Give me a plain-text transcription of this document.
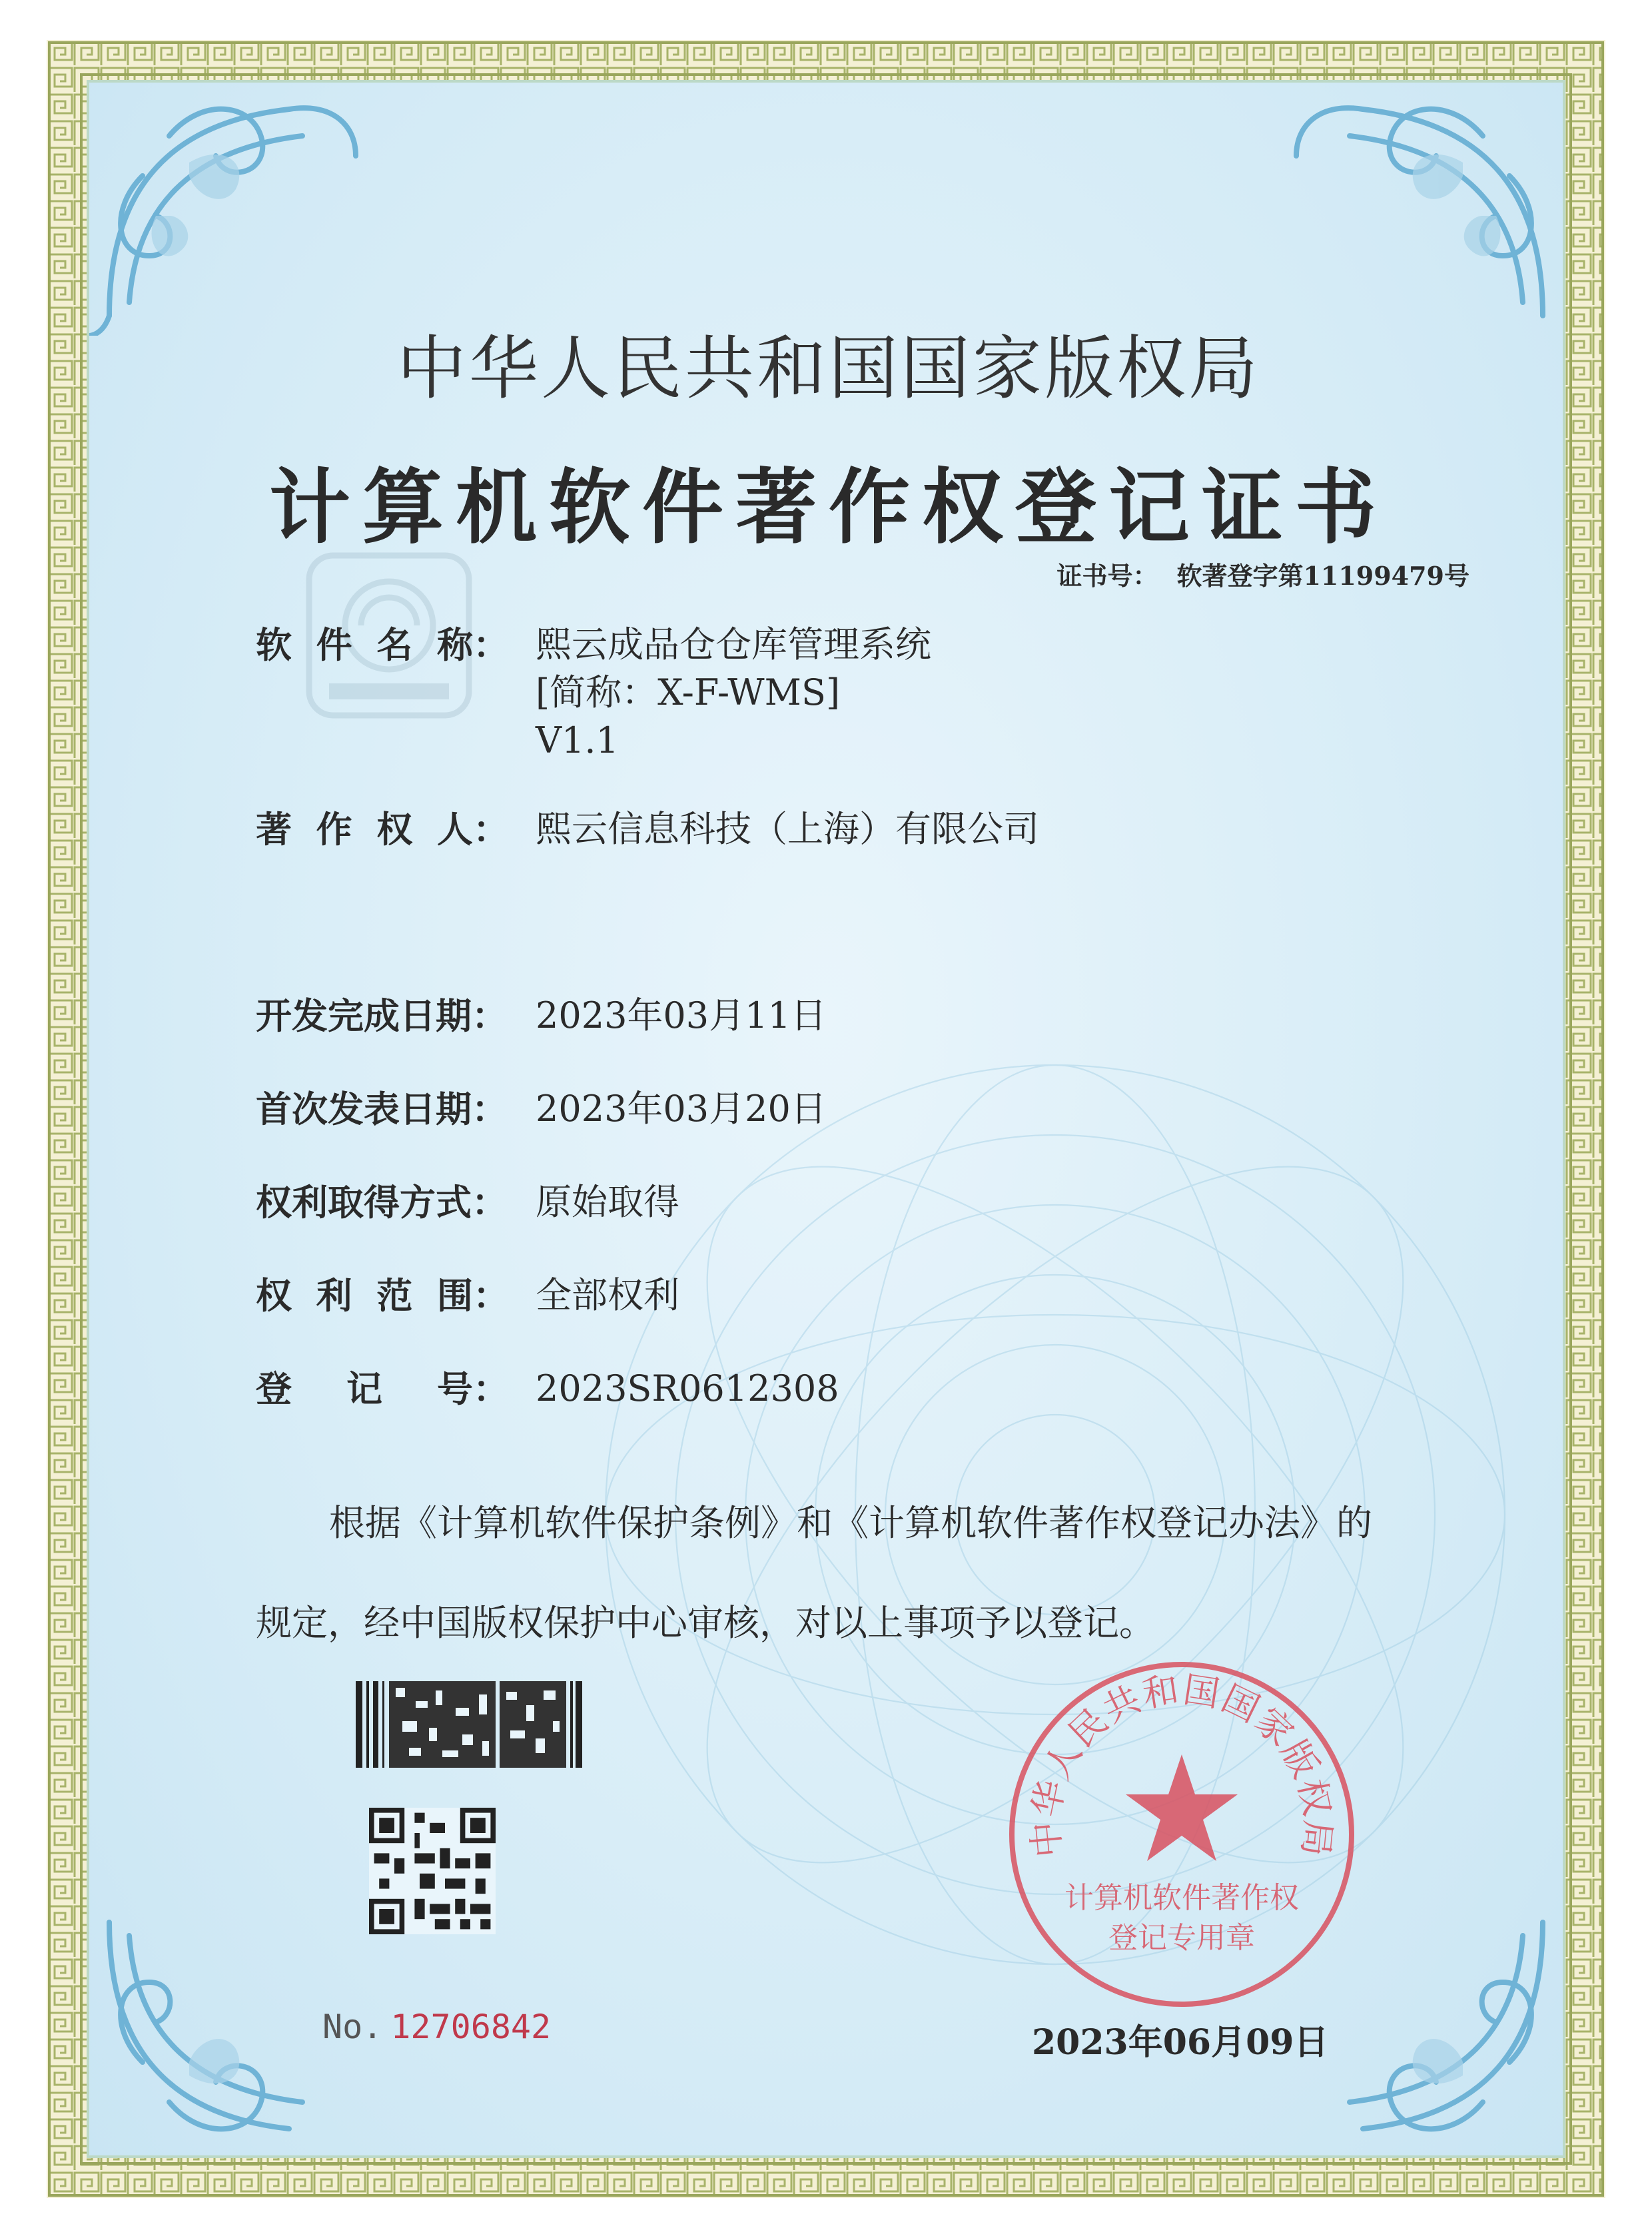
中华人民共和国国家版权局
计算机软件著作权登记证书
证书号： 软著登字第11199479号
软 件 名 称： 熙云成品仓仓库管理系统
[简称：X-F-WMS]
V1.1
著 作 权 人： 熙云信息科技（上海）有限公司
开发完成日期： 2023年03月11日
首次发表日期： 2023年03月20日
权利取得方式： 原始取得
权 利 范 围： 全部权利
登 记 号： 2023SR0612308
根据《计算机软件保护条例》和《计算机软件著作权登记办法》的
规定，经中国版权保护中心审核，对以上事项予以登记。
No. 12706842
中华人民共和国国家版权局
计算机软件著作权
登记专用章
2023年06月09日
